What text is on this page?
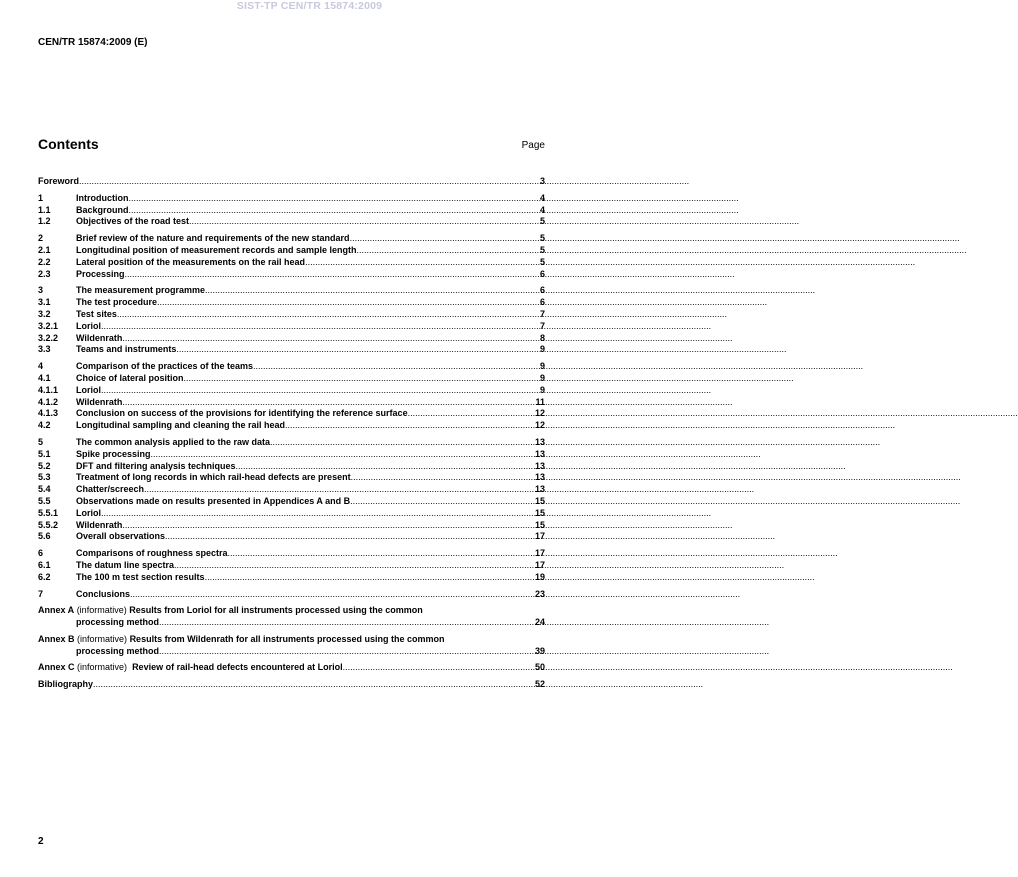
SIST-TP CEN/TR 15874:2009
CEN/TR 15874:2009 (E)
Contents	Page
Foreword .....	3
1	Introduction .....	4
1.1	Background .....	4
1.2	Objectives of the road test .....	5
2	Brief review of the nature and requirements of the new standard .....	5
2.1	Longitudinal position of measurement records and sample length .....	5
2.2	Lateral position of the measurements on the rail head .....	5
2.3	Processing .....	6
3	The measurement programme .....	6
3.1	The test procedure .....	6
3.2	Test sites .....	7
3.2.1	Loriol .....	7
3.2.2	Wildenrath .....	8
3.3	Teams and instruments .....	9
4	Comparison of the practices of the teams .....	9
4.1	Choice of lateral position .....	9
4.1.1	Loriol .....	9
4.1.2	Wildenrath .....	11
4.1.3	Conclusion on success of the provisions for identifying the reference surface .....	12
4.2	Longitudinal sampling and cleaning the rail head .....	12
5	The common analysis applied to the raw data .....	13
5.1	Spike processing .....	13
5.2	DFT and filtering analysis techniques .....	13
5.3	Treatment of long records in which rail-head defects are present .....	13
5.4	Chatter/screech .....	13
5.5	Observations made on results presented in Appendices A and B .....	15
5.5.1	Loriol .....	15
5.5.2	Wildenrath .....	15
5.6	Overall observations .....	17
6	Comparisons of roughness spectra .....	17
6.1	The datum line spectra .....	17
6.2	The 100 m test section results .....	19
7	Conclusions .....	23
Annex A (informative) Results from Loriol for all instruments processed using the common
processing method .....	24
Annex B (informative) Results from Wildenrath for all instruments processed using the common
processing method .....	39
Annex C (informative) Review of rail-head defects encountered at Loriol .....	50
Bibliography .....	52
2
